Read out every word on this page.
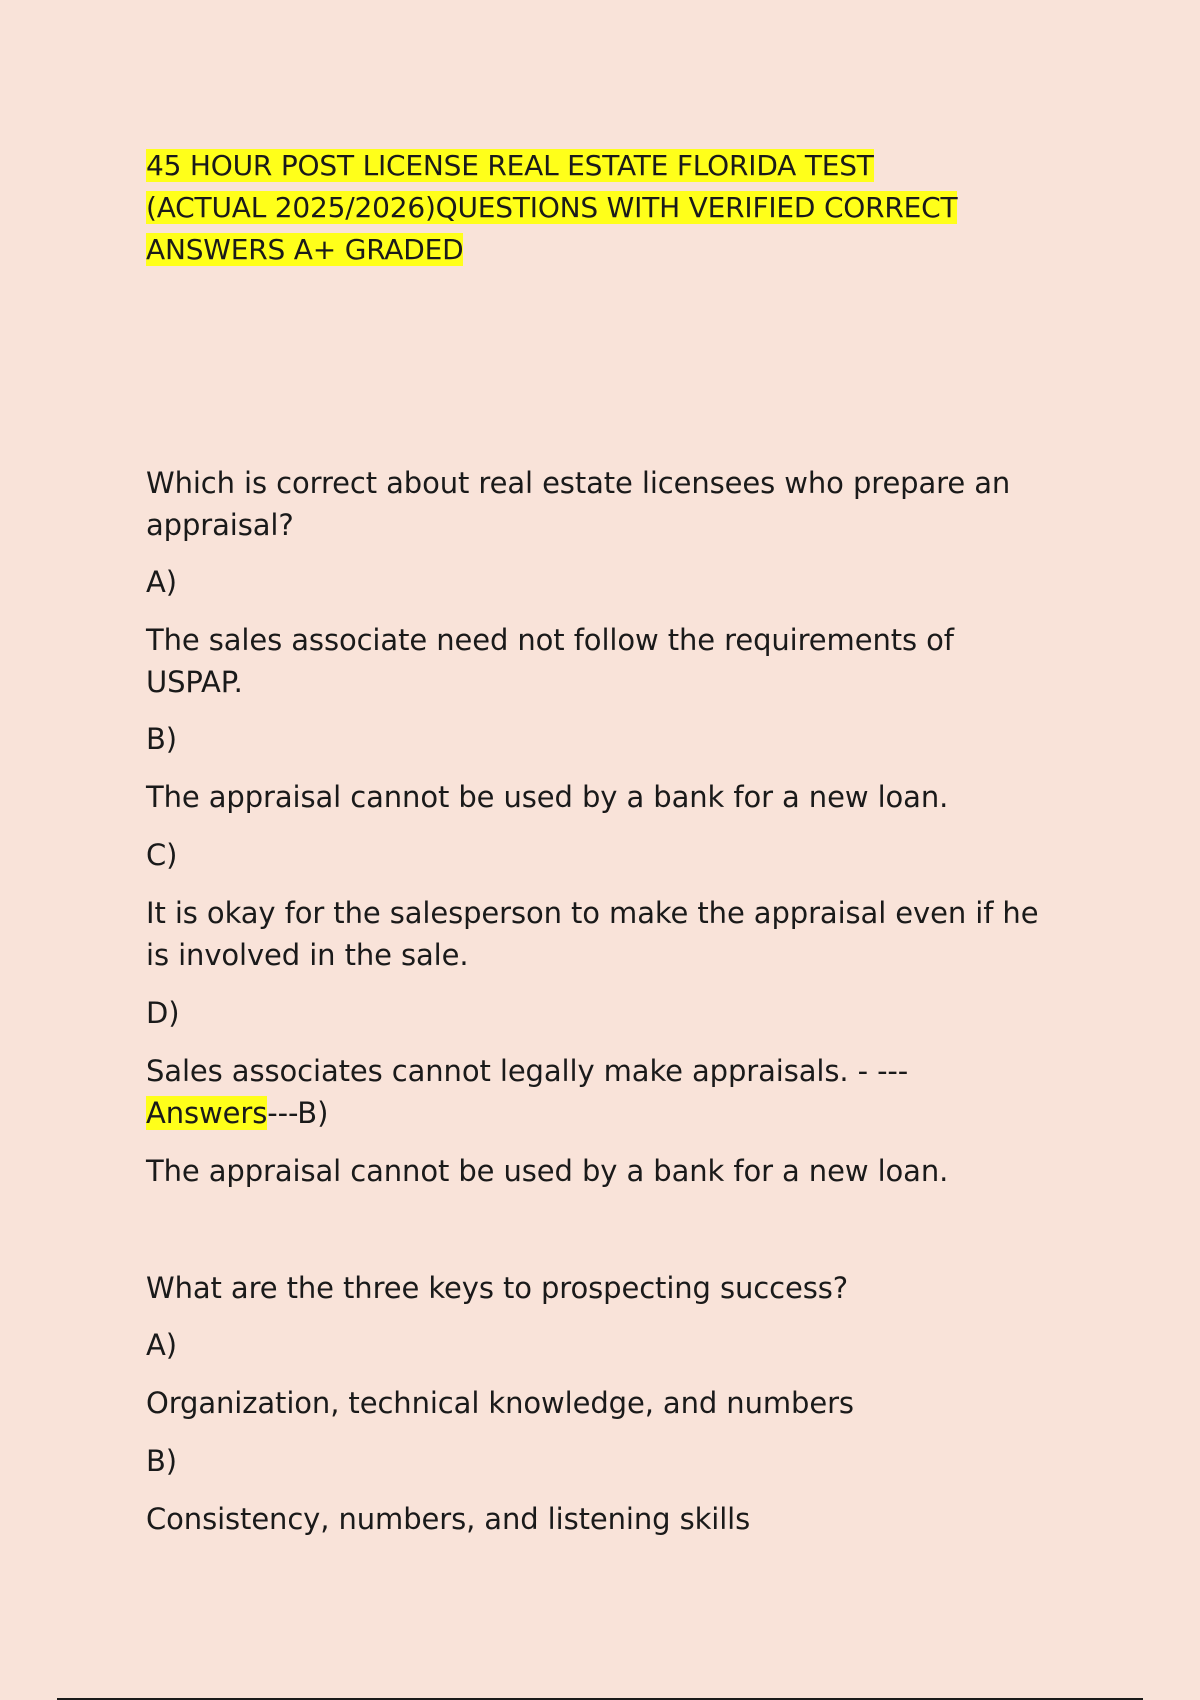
45 HOUR POST LICENSE REAL ESTATE FLORIDA TEST
(ACTUAL 2025/2026)QUESTIONS WITH VERIFIED CORRECT
ANSWERS A+ GRADED
Which is correct about real estate licensees who prepare an
appraisal?
A)
The sales associate need not follow the requirements of
USPAP.
B)
The appraisal cannot be used by a bank for a new loan.
C)
It is okay for the salesperson to make the appraisal even if he
is involved in the sale.
D)
Sales associates cannot legally make appraisals. - ---
Answers---B)
The appraisal cannot be used by a bank for a new loan.
What are the three keys to prospecting success?
A)
Organization, technical knowledge, and numbers
B)
Consistency, numbers, and listening skills
